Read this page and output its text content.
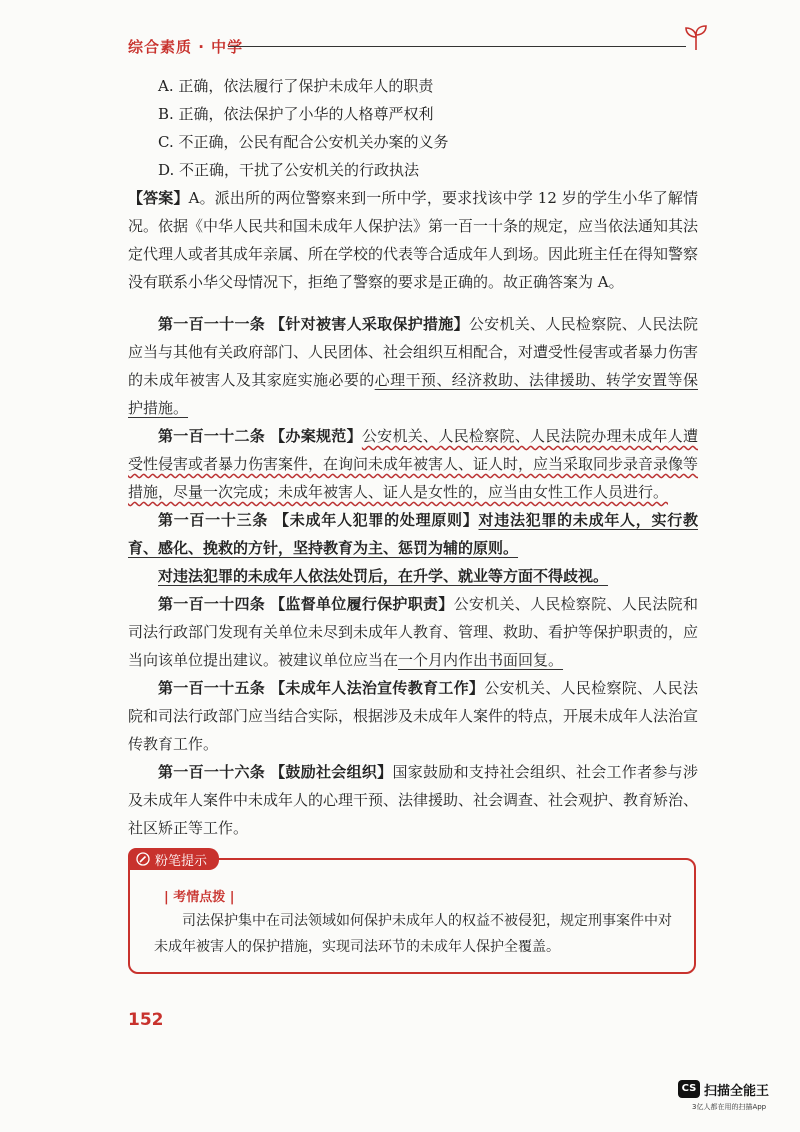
综合素质 · 中学
A. 正确，依法履行了保护未成年人的职责
B. 正确，依法保护了小华的人格尊严权利
C. 不正确，公民有配合公安机关办案的义务
D. 不正确，干扰了公安机关的行政执法
【答案】A。派出所的两位警察来到一所中学，要求找该中学 12 岁的学生小华了解情况。依据《中华人民共和国未成年人保护法》第一百一十条的规定，应当依法通知其法定代理人或者其成年亲属、所在学校的代表等合适成年人到场。因此班主任在得知警察没有联系小华父母情况下，拒绝了警察的要求是正确的。故正确答案为 A。
第一百一十一条 【针对被害人采取保护措施】公安机关、人民检察院、人民法院应当与其他有关政府部门、人民团体、社会组织互相配合，对遭受性侵害或者暴力伤害的未成年被害人及其家庭实施必要的心理干预、经济救助、法律援助、转学安置等保护措施。
第一百一十二条 【办案规范】公安机关、人民检察院、人民法院办理未成年人遭受性侵害或者暴力伤害案件，在询问未成年被害人、证人时，应当采取同步录音录像等措施，尽量一次完成；未成年被害人、证人是女性的，应当由女性工作人员进行。
第一百一十三条 【未成年人犯罪的处理原则】对违法犯罪的未成年人，实行教育、感化、挽救的方针，坚持教育为主、惩罚为辅的原则。
对违法犯罪的未成年人依法处罚后，在升学、就业等方面不得歧视。
第一百一十四条 【监督单位履行保护职责】公安机关、人民检察院、人民法院和司法行政部门发现有关单位未尽到未成年人教育、管理、救助、看护等保护职责的，应当向该单位提出建议。被建议单位应当在一个月内作出书面回复。
第一百一十五条 【未成年人法治宣传教育工作】公安机关、人民检察院、人民法院和司法行政部门应当结合实际，根据涉及未成年人案件的特点，开展未成年人法治宣传教育工作。
第一百一十六条 【鼓励社会组织】国家鼓励和支持社会组织、社会工作者参与涉及未成年人案件中未成年人的心理干预、法律援助、社会调查、社会观护、教育矫治、社区矫正等工作。
粉笔提示
| 考情点拨 |
司法保护集中在司法领域如何保护未成年人的权益不被侵犯，规定刑事案件中对未成年被害人的保护措施，实现司法环节的未成年人保护全覆盖。
152
CS 扫描全能王
3亿人都在用的扫描App
